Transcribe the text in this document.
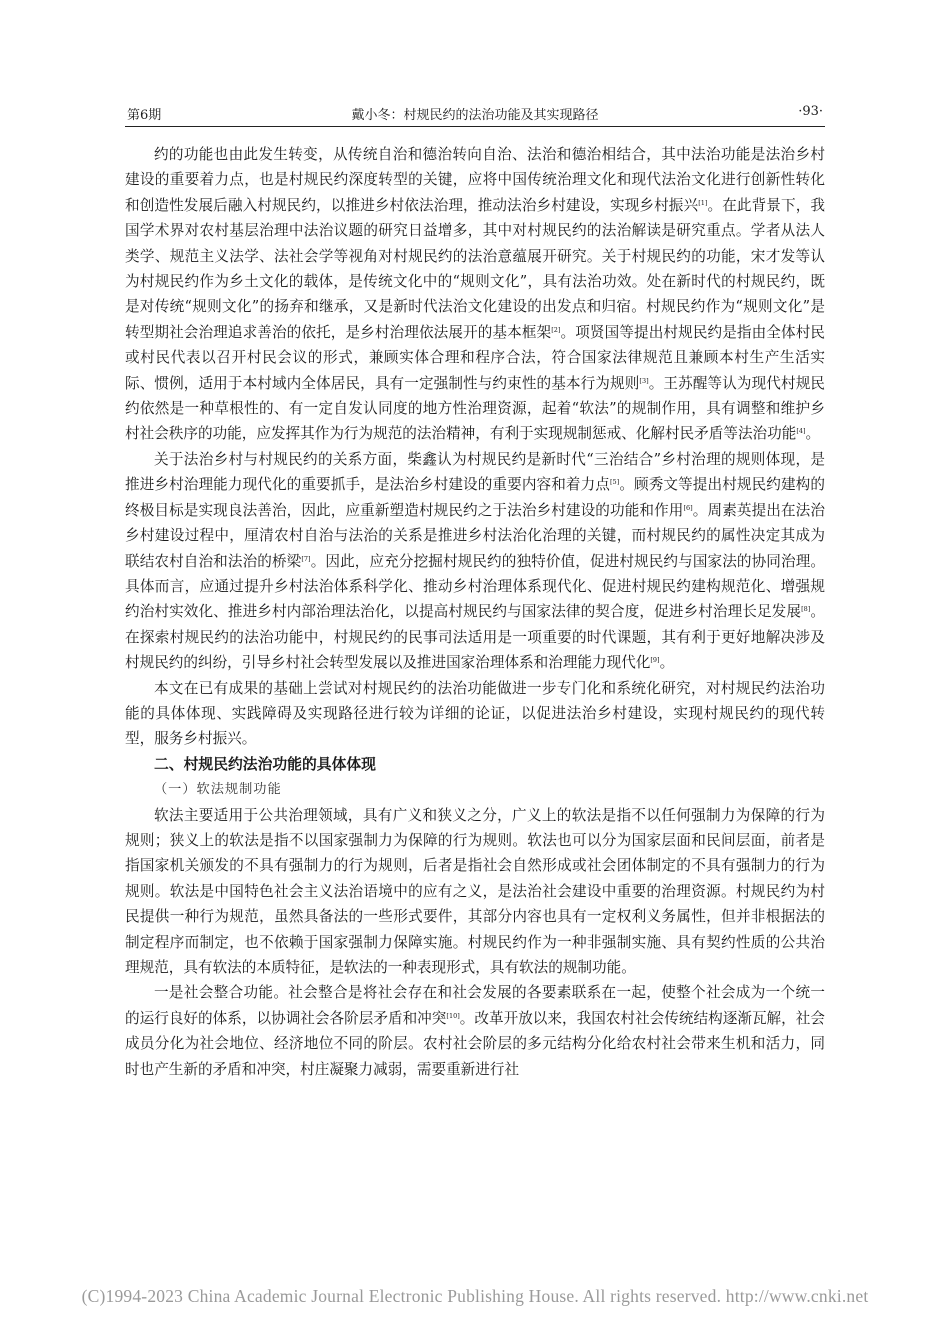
第6期	戴小冬：村规民约的法治功能及其实现路径	·93·

约的功能也由此发生转变，从传统自治和德治转向自治、法治和德治相结合，其中法治功能是法治乡村建设的重要着力点，也是村规民约深度转型的关键，应将中国传统治理文化和现代法治文化进行创新性转化和创造性发展后融入村规民约，以推进乡村依法治理，推动法治乡村建设，实现乡村振兴[1]。在此背景下，我国学术界对农村基层治理中法治议题的研究日益增多，其中对村规民约的法治解读是研究重点。学者从法人类学、规范主义法学、法社会学等视角对村规民约的法治意蕴展开研究。关于村规民约的功能，宋才发等认为村规民约作为乡土文化的载体，是传统文化中的“规则文化”，具有法治功效。处在新时代的村规民约，既是对传统“规则文化”的扬弃和继承，又是新时代法治文化建设的出发点和归宿。村规民约作为“规则文化”是转型期社会治理追求善治的依托，是乡村治理依法展开的基本框架[2]。项贤国等提出村规民约是指由全体村民或村民代表以召开村民会议的形式，兼顾实体合理和程序合法，符合国家法律规范且兼顾本村生产生活实际、惯例，适用于本村域内全体居民，具有一定强制性与约束性的基本行为规则[3]。王苏醒等认为现代村规民约依然是一种草根性的、有一定自发认同度的地方性治理资源，起着“软法”的规制作用，具有调整和维护乡村社会秩序的功能，应发挥其作为行为规范的法治精神，有利于实现规制惩戒、化解村民矛盾等法治功能[4]。

关于法治乡村与村规民约的关系方面，柴鑫认为村规民约是新时代“三治结合”乡村治理的规则体现，是推进乡村治理能力现代化的重要抓手，是法治乡村建设的重要内容和着力点[5]。顾秀文等提出村规民约建构的终极目标是实现良法善治，因此，应重新塑造村规民约之于法治乡村建设的功能和作用[6]。周素英提出在法治乡村建设过程中，厘清农村自治与法治的关系是推进乡村法治化治理的关键，而村规民约的属性决定其成为联结农村自治和法治的桥梁[7]。因此，应充分挖掘村规民约的独特价值，促进村规民约与国家法的协同治理。具体而言，应通过提升乡村法治体系科学化、推动乡村治理体系现代化、促进村规民约建构规范化、增强规约治村实效化、推进乡村内部治理法治化，以提高村规民约与国家法律的契合度，促进乡村治理长足发展[8]。在探索村规民约的法治功能中，村规民约的民事司法适用是一项重要的时代课题，其有利于更好地解决涉及村规民约的纠纷，引导乡村社会转型发展以及推进国家治理体系和治理能力现代化[9]。

本文在已有成果的基础上尝试对村规民约的法治功能做进一步专门化和系统化研究，对村规民约法治功能的具体体现、实践障碍及实现路径进行较为详细的论证，以促进法治乡村建设，实现村规民约的现代转型，服务乡村振兴。

二、村规民约法治功能的具体体现
（一）软法规制功能

软法主要适用于公共治理领域，具有广义和狭义之分，广义上的软法是指不以任何强制力为保障的行为规则；狭义上的软法是指不以国家强制力为保障的行为规则。软法也可以分为国家层面和民间层面，前者是指国家机关颁发的不具有强制力的行为规则，后者是指社会自然形成或社会团体制定的不具有强制力的行为规则。软法是中国特色社会主义法治语境中的应有之义，是法治社会建设中重要的治理资源。村规民约为村民提供一种行为规范，虽然具备法的一些形式要件，其部分内容也具有一定权利义务属性，但并非根据法的制定程序而制定，也不依赖于国家强制力保障实施。村规民约作为一种非强制实施、具有契约性质的公共治理规范，具有软法的本质特征，是软法的一种表现形式，具有软法的规制功能。

一是社会整合功能。社会整合是将社会存在和社会发展的各要素联系在一起，使整个社会成为一个统一的运行良好的体系，以协调社会各阶层矛盾和冲突[10]。改革开放以来，我国农村社会传统结构逐渐瓦解，社会成员分化为社会地位、经济地位不同的阶层。农村社会阶层的多元结构分化给农村社会带来生机和活力，同时也产生新的矛盾和冲突，村庄凝聚力减弱，需要重新进行社

(C)1994-2023 China Academic Journal Electronic Publishing House. All rights reserved. http://www.cnki.net
